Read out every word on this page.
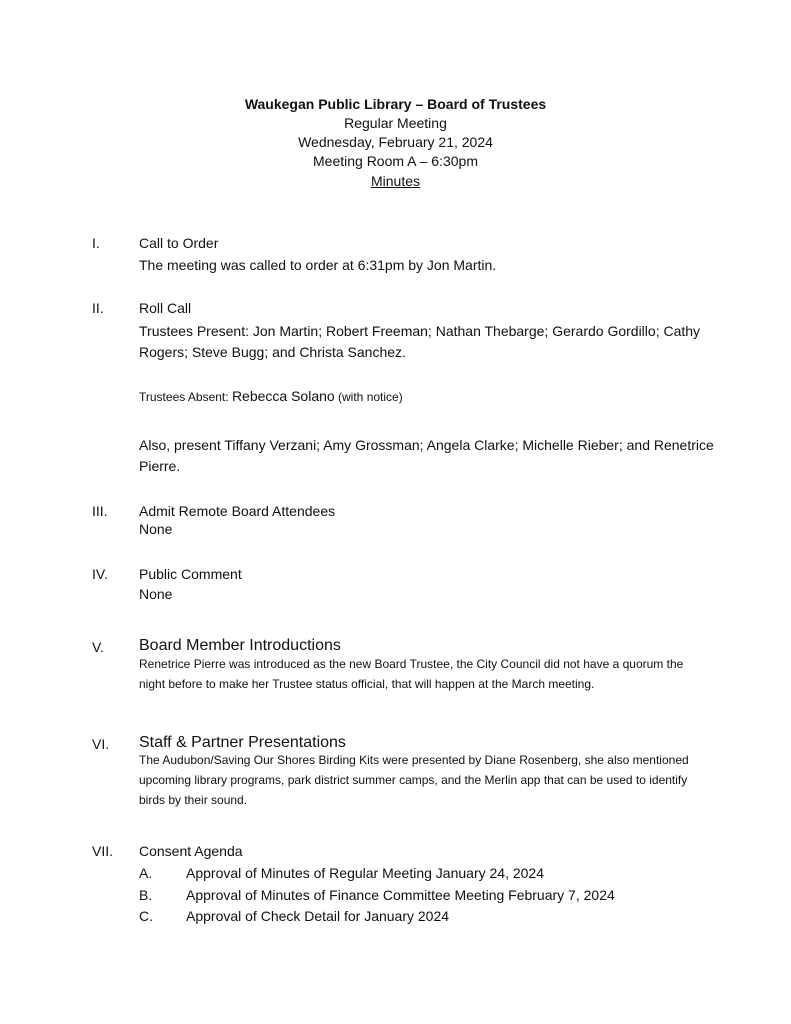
Waukegan Public Library – Board of Trustees
Regular Meeting
Wednesday, February 21, 2024
Meeting Room A – 6:30pm
Minutes
I.	Call to Order
The meeting was called to order at 6:31pm by Jon Martin.
II.	Roll Call
Trustees Present: Jon Martin; Robert Freeman; Nathan Thebarge; Gerardo Gordillo; Cathy Rogers; Steve Bugg; and Christa Sanchez.
Trustees Absent: Rebecca Solano (with notice)
Also, present Tiffany Verzani; Amy Grossman; Angela Clarke; Michelle Rieber; and Renetrice Pierre.
III. Admit Remote Board Attendees
None
IV. Public Comment
None
V. Board Member Introductions
Renetrice Pierre was introduced as the new Board Trustee, the City Council did not have a quorum the night before to make her Trustee status official, that will happen at the March meeting.
VI. Staff & Partner Presentations
The Audubon/Saving Our Shores Birding Kits were presented by Diane Rosenberg, she also mentioned upcoming library programs, park district summer camps, and the Merlin app that can be used to identify birds by their sound.
VII. Consent Agenda
A. Approval of Minutes of Regular Meeting January 24, 2024
B. Approval of Minutes of Finance Committee Meeting February 7, 2024
C. Approval of Check Detail for January 2024
